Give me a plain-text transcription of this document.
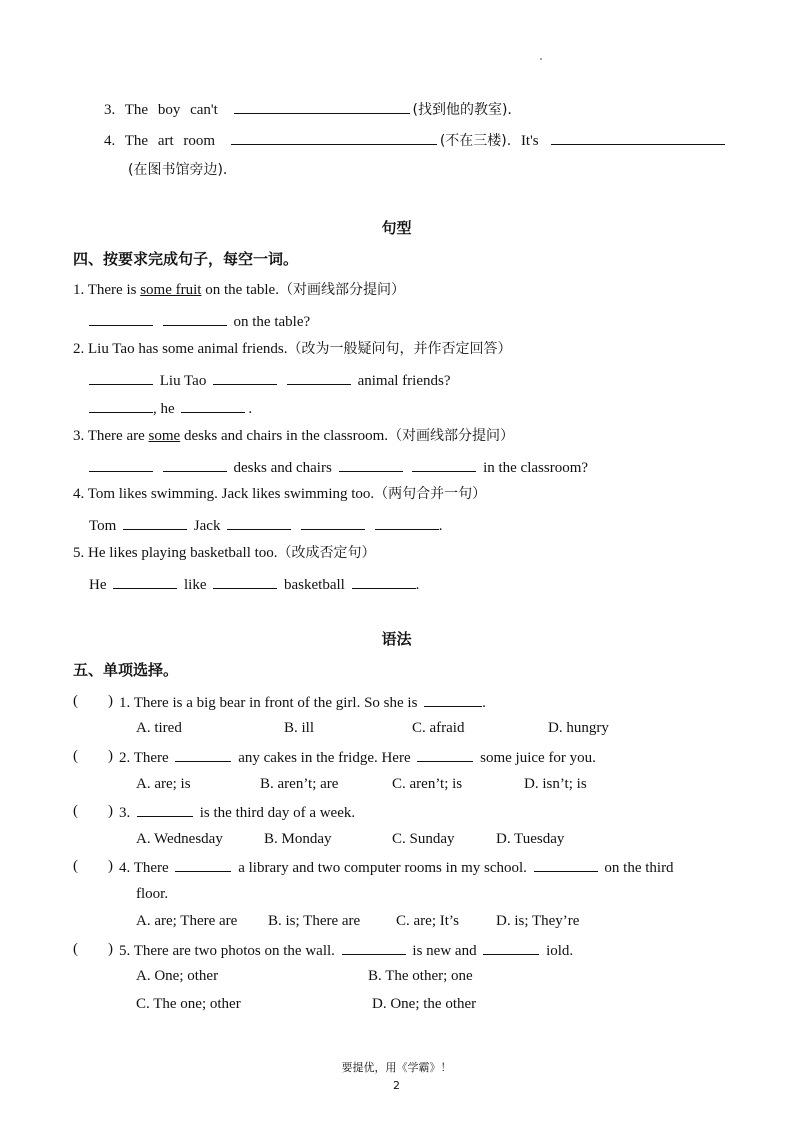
3. The boy can't	(找到他的教室).
4. The art room	(不在三楼). It's
(在图书馆旁边).
句型
四、按要求完成句子，每空一词。
1. There is some fruit on the table.（对画线部分提问）
on the table?
2. Liu Tao has some animal friends.（改为一般疑问句，并作否定回答）
Liu Tao	animal friends?
, he	.
3. There are some desks and chairs in the classroom.（对画线部分提问）
desks and chairs	in the classroom?
4. Tom likes swimming. Jack likes swimming too.（两句合并一句）
Tom	Jack	.
5. He likes playing basketball too.（改成否定句）
He	like	basketball	.
语法
五、单项选择。
( ) 1. There is a big bear in front of the girl. So she is	.
A. tired	B. ill	C. afraid	D. hungry
( ) 2. There	any cakes in the fridge. Here	some juice for you.
A. are; is	B. aren’t; are	C. aren’t; is	D. isn’t; is
( ) 3.	is the third day of a week.
A. Wednesday	B. Monday	C. Sunday	D. Tuesday
( ) 4. There	a library and two computer rooms in my school.	on the third
floor.
A. are; There are B. is; There are C. are; It’s D. is; They’re
( ) 5. There are two photos on the wall.	is new and	iold.
A. One; other	B. The other; one
C. The one; other	D. One; the other
要提优，用《学霸》！
2
